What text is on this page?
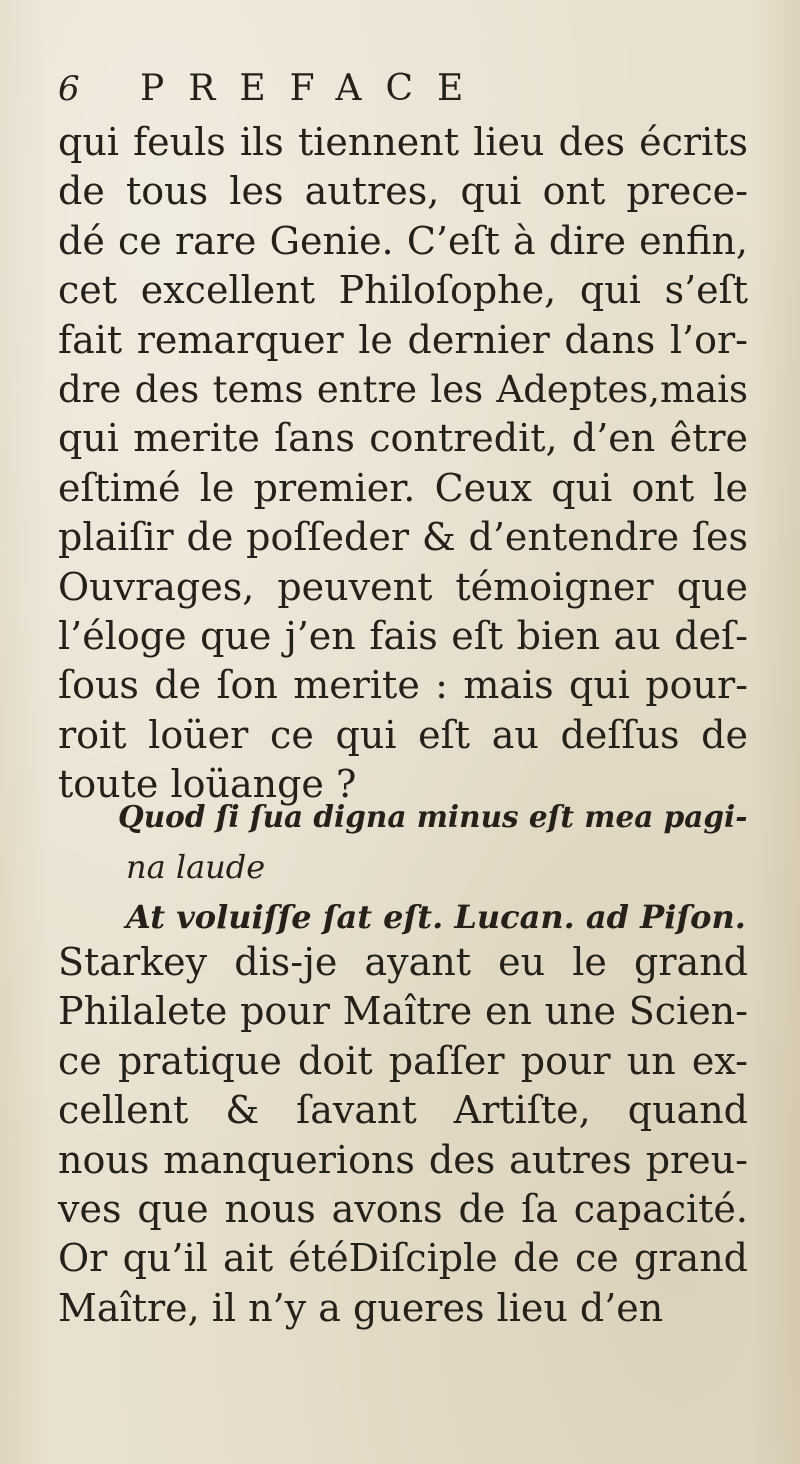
6	PREFACE
qui feuls ils tiennent lieu des écrits
de tous les autres, qui ont prece-
dé ce rare Genie. C’eſt à dire enfin,
cet excellent Philoſophe, qui s’eſt
fait remarquer le dernier dans l’or-
dre des tems entre les Adeptes,mais
qui merite ſans contredit, d’en être
eſtimé le premier. Ceux qui ont le
plaiſir de poſſeder & d’entendre ſes
Ouvrages, peuvent témoigner que
l’éloge que j’en fais eſt bien au deſ-
ſous de ſon merite : mais qui pour-
roit loüer ce qui eſt au deſſus de
toute loüange ?
Quod ſi ſua digna minus eſt mea pagi-
na laude
At voluiſſe ſat eſt. Lucan. ad Piſon.
Starkey dis-je ayant eu le grand
Philalete pour Maître en une Scien-
ce pratique doit paſſer pour un ex-
cellent & ſavant Artiſte, quand
nous manquerions des autres preu-
ves que nous avons de ſa capacité.
Or qu’il ait étéDiſciple de ce grand
Maître, il n’y a gueres lieu d’en
